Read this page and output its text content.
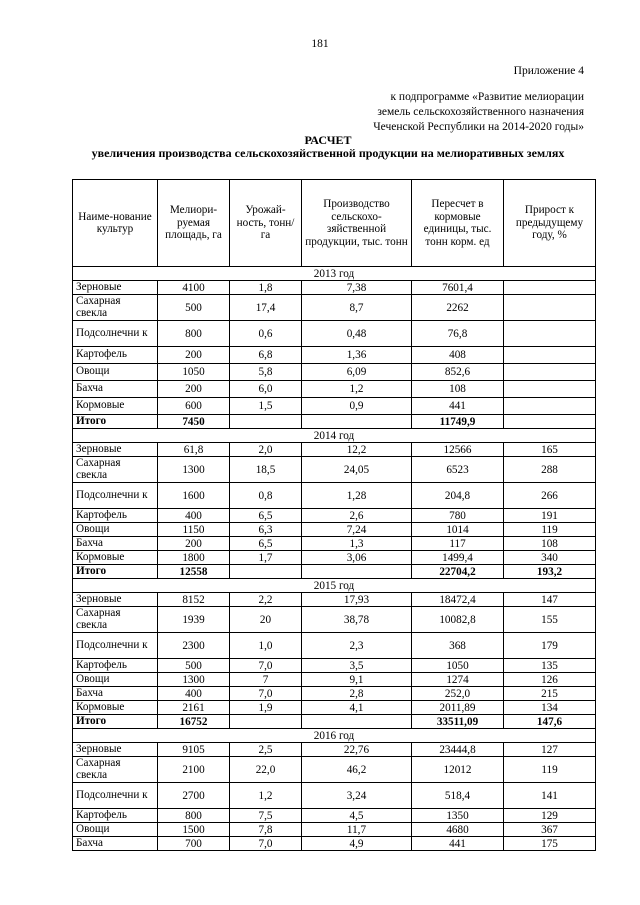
181
Приложение 4
к подпрограмме «Развитие мелиорации
земель сельскохозяйственного назначения
Чеченской Республики на 2014-2020 годы»
РАСЧЕТ
увеличения производства сельскохозяйственной продукции на мелиоративных землях
Наиме-нование культур	Мелиори-руемая площадь, га	Урожай-ность, тонн/га	Производство сельскохо-зяйственной продукции, тыс. тонн	Пересчет в кормовые единицы, тыс. тонн корм. ед	Прирост к предыдущему году, %
2013 год					
Зерновые	4100	1,8	7,38	7601,4	
Сахарная свекла	500	17,4	8,7	2262	
Подсолнечни к	800	0,6	0,48	76,8	
Картофель	200	6,8	1,36	408	
Овощи	1050	5,8	6,09	852,6	
Бахча	200	6,0	1,2	108	
Кормовые	600	1,5	0,9	441	
Итого	7450			11749,9	
2014 год					
Зерновые	61,8	2,0	12,2	12566	165
Сахарная свекла	1300	18,5	24,05	6523	288
Подсолнечни к	1600	0,8	1,28	204,8	266
Картофель	400	6,5	2,6	780	191
Овощи	1150	6,3	7,24	1014	119
Бахча	200	6,5	1,3	117	108
Кормовые	1800	1,7	3,06	1499,4	340
Итого	12558			22704,2	193,2
2015 год					
Зерновые	8152	2,2	17,93	18472,4	147
Сахарная свекла	1939	20	38,78	10082,8	155
Подсолнечни к	2300	1,0	2,3	368	179
Картофель	500	7,0	3,5	1050	135
Овощи	1300	7	9,1	1274	126
Бахча	400	7,0	2,8	252,0	215
Кормовые	2161	1,9	4,1	2011,89	134
Итого	16752			33511,09	147,6
2016 год					
Зерновые	9105	2,5	22,76	23444,8	127
Сахарная свекла	2100	22,0	46,2	12012	119
Подсолнечни к	2700	1,2	3,24	518,4	141
Картофель	800	7,5	4,5	1350	129
Овощи	1500	7,8	11,7	4680	367
Бахча	700	7,0	4,9	441	175
